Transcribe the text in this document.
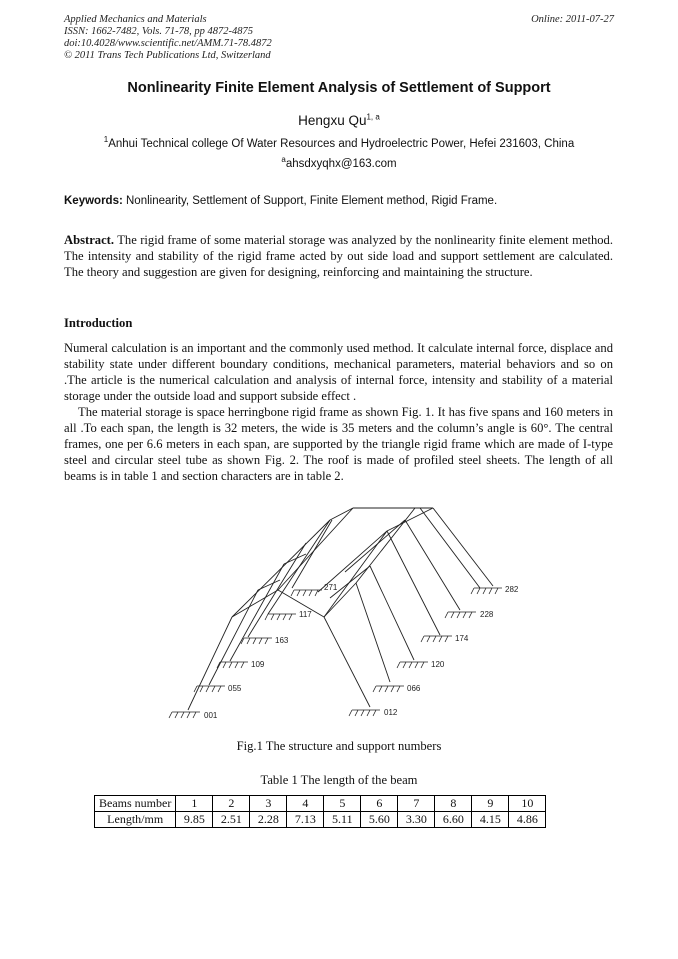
Applied Mechanics and Materials
ISSN: 1662-7482, Vols. 71-78, pp 4872-4875
doi:10.4028/www.scientific.net/AMM.71-78.4872
© 2011 Trans Tech Publications Ltd, Switzerland
Online: 2011-07-27
Nonlinearity Finite Element Analysis of Settlement of Support
Hengxu Qu$^{1, a}$
$^1$Anhui Technical college Of Water Resources and Hydroelectric Power, Hefei 231603, China
$^a$ahsdxyqhx@163.com
Keywords: Nonlinearity, Settlement of Support, Finite Element method, Rigid Frame.

Abstract. The rigid frame of some material storage was analyzed by the nonlinearity finite element method. The intensity and stability of the rigid frame acted by out side load and support settlement are calculated. The theory and suggestion are given for designing, reinforcing and maintaining the structure.

Introduction

Numeral calculation is an important and the commonly used method. It calculate internal force, displace and stability state under different boundary conditions, mechanical parameters, material behaviors and so on .The article is the numerical calculation and analysis of internal force, intensity and stability of a material storage under the outside load and support subside effect .

The material storage is space herringbone rigid frame as shown Fig. 1. It has five spans and 160 meters in all .To each span, the length is 32 meters, the wide is 35 meters and the column’s angle is 60°. The central frames, one per 6.6 meters in each span, are supported by the triangle rigid frame which are made of I-type steel and circular steel tube as shown Fig. 2. The roof is made of profiled steel sheets. The length of all beams is in table 1 and section characters are in table 2.

001
055
109
163
117
271
012
066
120
174
228
282
Fig.1 The structure and support numbers
Table 1 The length of the beam
Beams number	1	2	3	4	5	6	7	8	9	10
Length/mm	9.85	2.51	2.28	7.13	5.11	5.60	3.30	6.60	4.15	4.86
